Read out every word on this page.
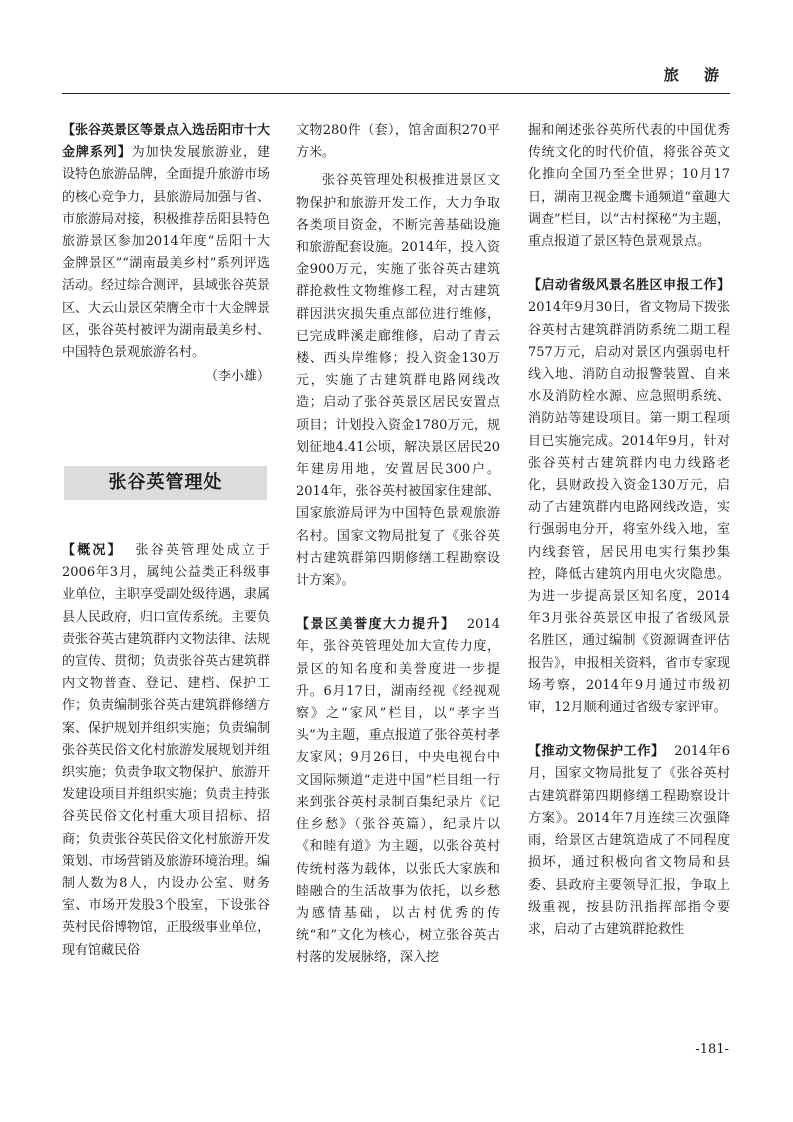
旅 游

【张谷英景区等景点入选岳阳市十大金牌系列】为加快发展旅游业，建设特色旅游品牌，全面提升旅游市场的核心竞争力，县旅游局加强与省、市旅游局对接，积极推荐岳阳县特色旅游景区参加2014年度“岳阳十大金牌景区”“湖南最美乡村”系列评选活动。经过综合测评，县域张谷英景区、大云山景区荣膺全市十大金牌景区，张谷英村被评为湖南最美乡村、中国特色景观旅游名村。

（李小雄）

张谷英管理处

【概况】 张谷英管理处成立于2006年3月，属纯公益类正科级事业单位，主职享受副处级待遇，隶属县人民政府，归口宣传系统。主要负责张谷英古建筑群内文物法律、法规的宣传、贯彻；负责张谷英古建筑群内文物普查、登记、建档、保护工作；负责编制张谷英古建筑群修缮方案、保护规划并组织实施；负责编制张谷英民俗文化村旅游发展规划并组织实施；负责争取文物保护、旅游开发建设项目并组织实施；负责主持张谷英民俗文化村重大项目招标、招商；负责张谷英民俗文化村旅游开发策划、市场营销及旅游环境治理。编制人数为8人，内设办公室、财务室、市场开发股3个股室，下设张谷英村民俗博物馆，正股级事业单位，现有馆藏民俗

文物280件（套），馆舍面积270平方米。

张谷英管理处积极推进景区文物保护和旅游开发工作，大力争取各类项目资金，不断完善基础设施和旅游配套设施。2014年，投入资金900万元，实施了张谷英古建筑群抢救性文物维修工程，对古建筑群因洪灾损失重点部位进行维修，已完成畔溪走廊维修，启动了青云楼、西头岸维修；投入资金130万元，实施了古建筑群电路网线改造；启动了张谷英景区居民安置点项目；计划投入资金1780万元，规划征地4.41公顷，解决景区居民20年建房用地，安置居民300户。2014年，张谷英村被国家住建部、国家旅游局评为中国特色景观旅游名村。国家文物局批复了《张谷英村古建筑群第四期修缮工程勘察设计方案》。

【景区美誉度大力提升】 2014年，张谷英管理处加大宣传力度，景区的知名度和美誉度进一步提升。6月17日，湖南经视《经视观察》之“家风”栏目，以“孝字当头”为主题，重点报道了张谷英村孝友家风；9月26日，中央电视台中文国际频道“走进中国”栏目组一行来到张谷英村录制百集纪录片《记住乡愁》（张谷英篇），纪录片以《和睦有道》为主题，以张谷英村传统村落为载体，以张氏大家族和睦融合的生活故事为依托，以乡愁为感情基础，以古村优秀的传统“和”文化为核心，树立张谷英古村落的发展脉络，深入挖

掘和阐述张谷英所代表的中国优秀传统文化的时代价值，将张谷英文化推向全国乃至全世界；10月17日，湖南卫视金鹰卡通频道“童趣大调查”栏目，以“古村探秘”为主题，重点报道了景区特色景观景点。

【启动省级风景名胜区申报工作】2014年9月30日，省文物局下拨张谷英村古建筑群消防系统二期工程757万元，启动对景区内强弱电杆线入地、消防自动报警装置、自来水及消防栓水源、应急照明系统、消防站等建设项目。第一期工程项目已实施完成。2014年9月，针对张谷英村古建筑群内电力线路老化，县财政投入资金130万元，启动了古建筑群内电路网线改造，实行强弱电分开，将室外线入地，室内线套管，居民用电实行集抄集控，降低古建筑内用电火灾隐患。为进一步提高景区知名度，2014年3月张谷英景区申报了省级风景名胜区，通过编制《资源调查评估报告》，申报相关资料，省市专家现场考察，2014年9月通过市级初审，12月顺利通过省级专家评审。

【推动文物保护工作】 2014年6月，国家文物局批复了《张谷英村古建筑群第四期修缮工程勘察设计方案》。2014年7月连续三次强降雨，给景区古建筑造成了不同程度损坏，通过积极向省文物局和县委、县政府主要领导汇报，争取上级重视，按县防汛指挥部指令要求，启动了古建筑群抢救性

-181-
